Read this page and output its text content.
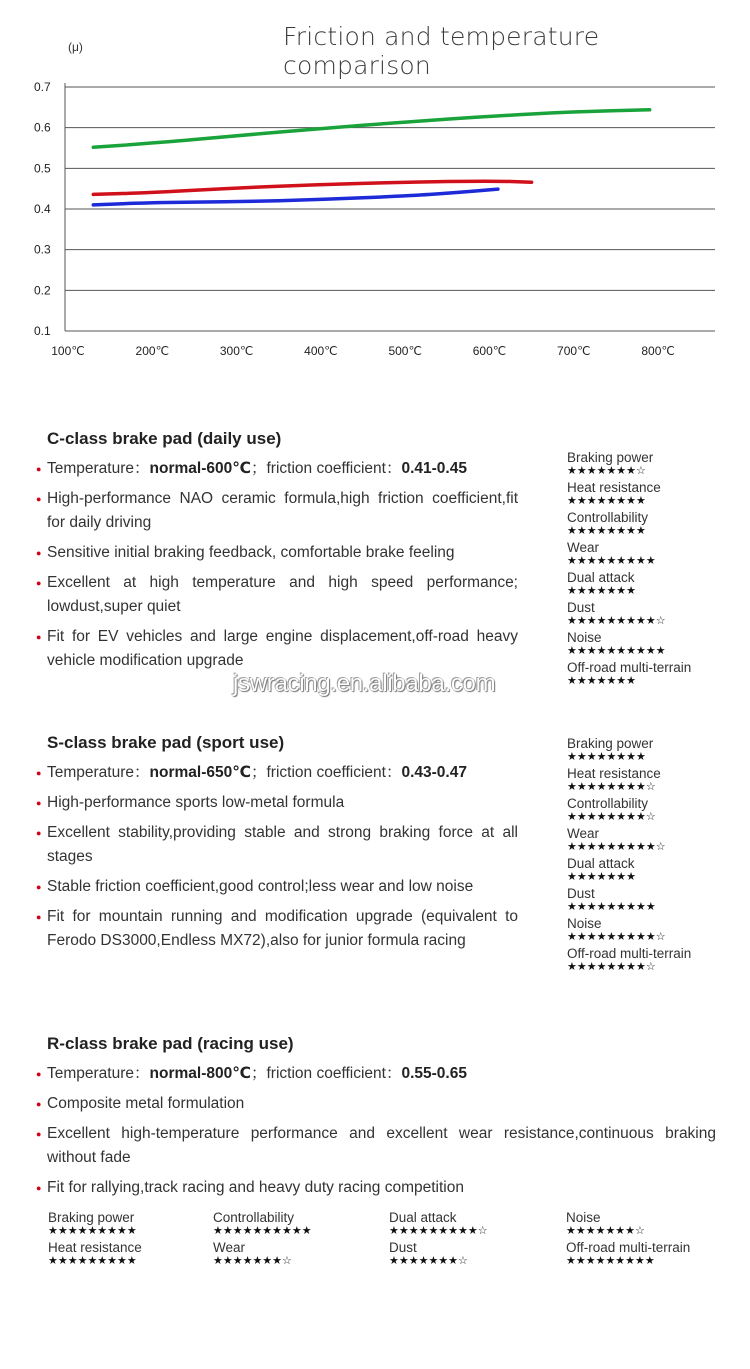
Friction and temperature comparison
(μ)
0.1
0.2
0.3
0.4
0.5
0.6
0.7
100℃	200℃	300℃	400℃	500℃	600℃	700℃	800℃
C-class brake pad (daily use)
● Temperature：normal-600℃；friction coefficient：0.41-0.45
● High-performance NAO ceramic formula,high friction coefficient,fit for daily driving
● Sensitive initial braking feedback, comfortable brake feeling
● Excellent at high temperature and high speed performance; lowdust,super quiet
● Fit for EV vehicles and large engine displacement,off-road heavy vehicle modification upgrade
Braking power
★★★★★★★☆
Heat resistance
★★★★★★★★
Controllability
★★★★★★★★
Wear
★★★★★★★★★
Dual attack
★★★★★★★
Dust
★★★★★★★★★☆
Noise
★★★★★★★★★★
Off-road multi-terrain
★★★★★★★
jswracing.en.alibaba.com
S-class brake pad (sport use)
● Temperature：normal-650℃；friction coefficient：0.43-0.47
● High-performance sports low-metal formula
● Excellent stability,providing stable and strong braking force at all stages
● Stable friction coefficient,good control;less wear and low noise
● Fit for mountain running and modification upgrade (equivalent to Ferodo DS3000,Endless MX72),also for junior formula racing
Braking power
★★★★★★★★
Heat resistance
★★★★★★★★☆
Controllability
★★★★★★★★☆
Wear
★★★★★★★★★☆
Dual attack
★★★★★★★
Dust
★★★★★★★★★
Noise
★★★★★★★★★☆
Off-road multi-terrain
★★★★★★★★☆
R-class brake pad (racing use)
● Temperature：normal-800℃；friction coefficient：0.55-0.65
● Composite metal formulation
● Excellent high-temperature performance and excellent wear resistance,continuous braking without fade
● Fit for rallying,track racing and heavy duty racing competition
Braking power
★★★★★★★★★
Heat resistance
★★★★★★★★★
Controllability
★★★★★★★★★★
Wear
★★★★★★★☆
Dual attack
★★★★★★★★★☆
Dust
★★★★★★★☆
Noise
★★★★★★★☆
Off-road multi-terrain
★★★★★★★★★
